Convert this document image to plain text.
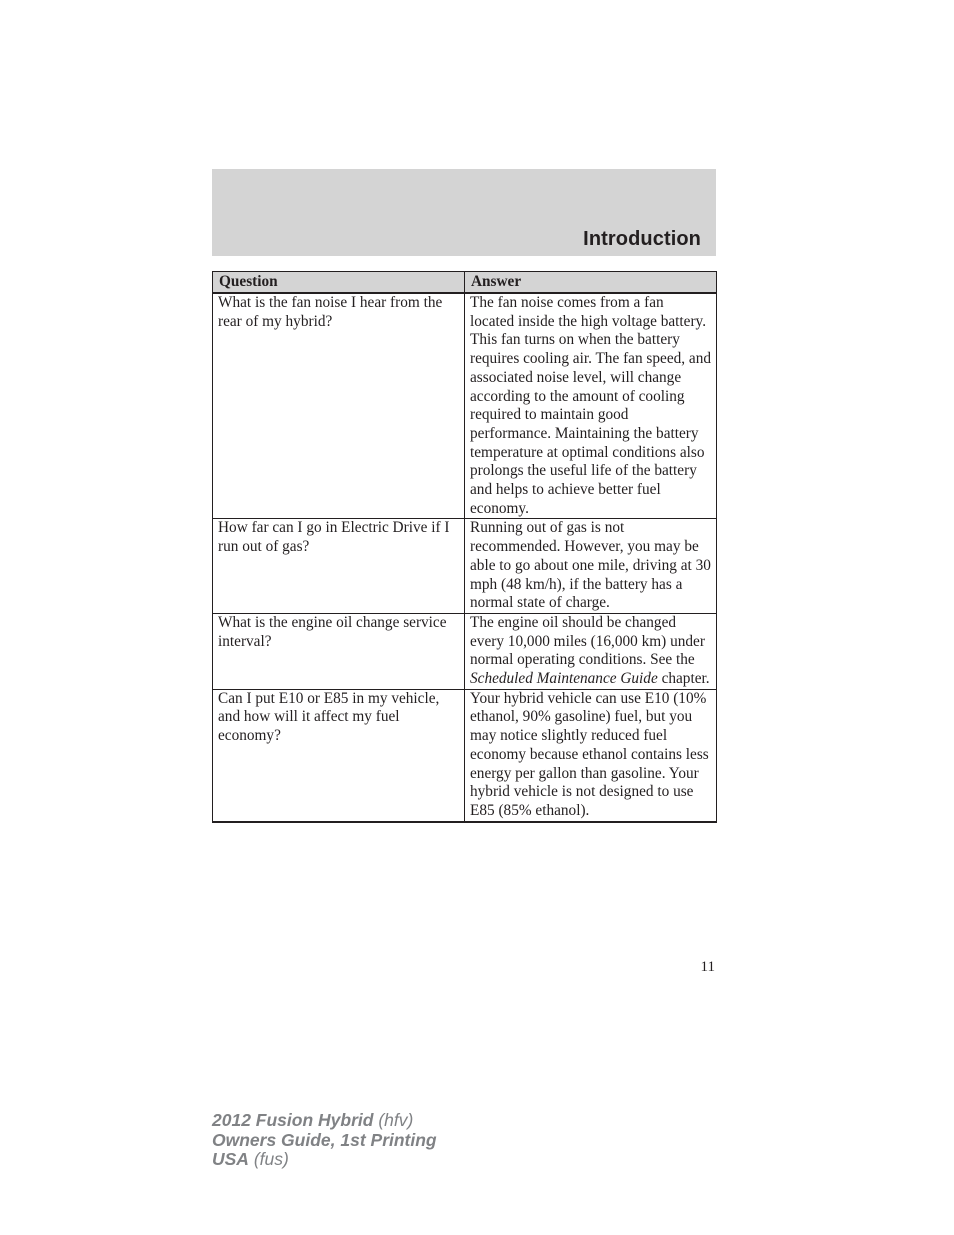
Introduction
Question	Answer
What is the fan noise I hear from the rear of my hybrid?	The fan noise comes from a fan located inside the high voltage battery. This fan turns on when the battery requires cooling air. The fan speed, and associated noise level, will change according to the amount of cooling required to maintain good performance. Maintaining the battery temperature at optimal conditions also prolongs the useful life of the battery and helps to achieve better fuel economy.
How far can I go in Electric Drive if I run out of gas?	Running out of gas is not recommended. However, you may be able to go about one mile, driving at 30 mph (48 km/h), if the battery has a normal state of charge.
What is the engine oil change service interval?	The engine oil should be changed every 10,000 miles (16,000 km) under normal operating conditions. See the Scheduled Maintenance Guide chapter.
Can I put E10 or E85 in my vehicle, and how will it affect my fuel economy?	Your hybrid vehicle can use E10 (10% ethanol, 90% gasoline) fuel, but you may notice slightly reduced fuel economy because ethanol contains less energy per gallon than gasoline. Your hybrid vehicle is not designed to use E85 (85% ethanol).
11
2012 Fusion Hybrid (hfv)
Owners Guide, 1st Printing
USA (fus)
